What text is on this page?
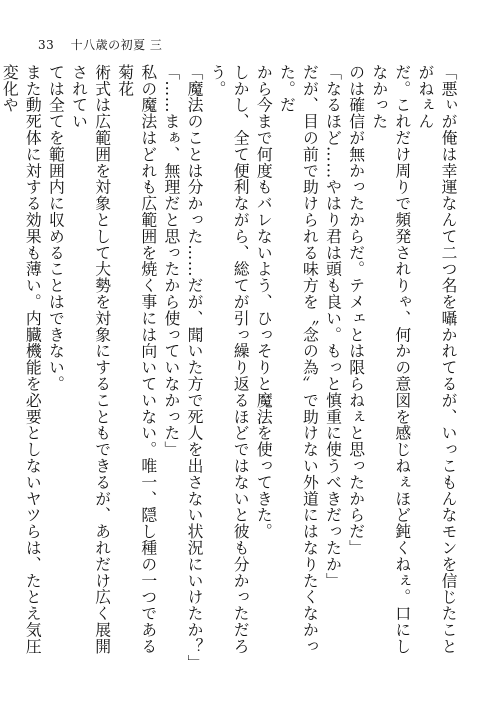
33 十八歳の初夏 三

「悪ぃが俺は幸運なんて二つ名を囁かれてるが、いっこもんなモンを信じたことがねぇん

だ。これだけ周りで頻発されりゃ、何かの意図を感じねぇほど鈍くねぇ。口にしなかった

のは確信が無かったからだ。テメェとは限らねぇと思ったからだ」

「なるほど……やはり君は頭も良い。もっと慎重に使うべきだったか」

だが、目の前で助けられる味方を〝念の為〟で助けない外道にはなりたくなかった。だ

から今まで何度もバレないよう、ひっそりと魔法を使ってきた。

しかし、全て便利ながら、総てが引っ繰り返るほどではないと彼も分かっただろう。

「魔法のことは分かった……だが、聞いた方で死人を出さない状況にいけたか？」

「……まぁ、無理だと思ったから使っていなかった」

私の魔法はどれも広範囲を焼く事には向いていない。唯一、隠し種の一つである菊花

術式は広範囲を対象として大勢を対象にすることもできるが、あれだけ広く展開されてい

ては全てを範囲内に収めることはできない。

また動死体に対する効果も薄い。内臓機能を必要としないヤツらは、たとえ気圧変化や
